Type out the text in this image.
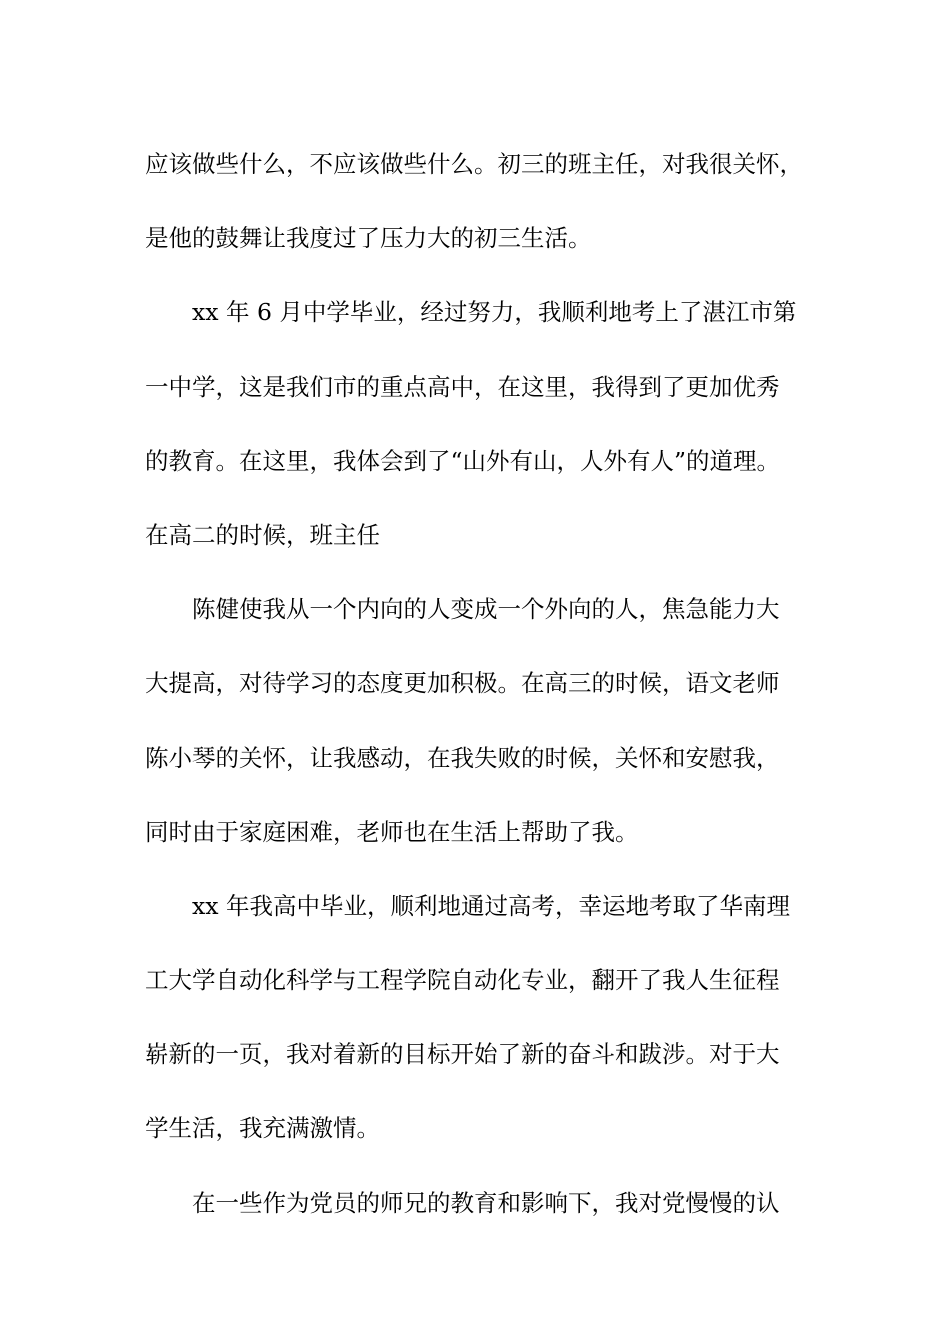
应该做些什么，不应该做些什么。初三的班主任，对我很关怀，
是他的鼓舞让我度过了压力大的初三生活。
xx 年 6 月中学毕业，经过努力，我顺利地考上了湛江市第
一中学，这是我们市的重点高中，在这里，我得到了更加优秀
的教育。在这里，我体会到了“山外有山，人外有人”的道理。
在高二的时候，班主任
陈健使我从一个内向的人变成一个外向的人，焦急能力大
大提高，对待学习的态度更加积极。在高三的时候，语文老师
陈小琴的关怀，让我感动，在我失败的时候，关怀和安慰我，
同时由于家庭困难，老师也在生活上帮助了我。
xx 年我高中毕业，顺利地通过高考，幸运地考取了华南理
工大学自动化科学与工程学院自动化专业，翻开了我人生征程
崭新的一页，我对着新的目标开始了新的奋斗和跋涉。对于大
学生活，我充满激情。
在一些作为党员的师兄的教育和影响下，我对党慢慢的认
